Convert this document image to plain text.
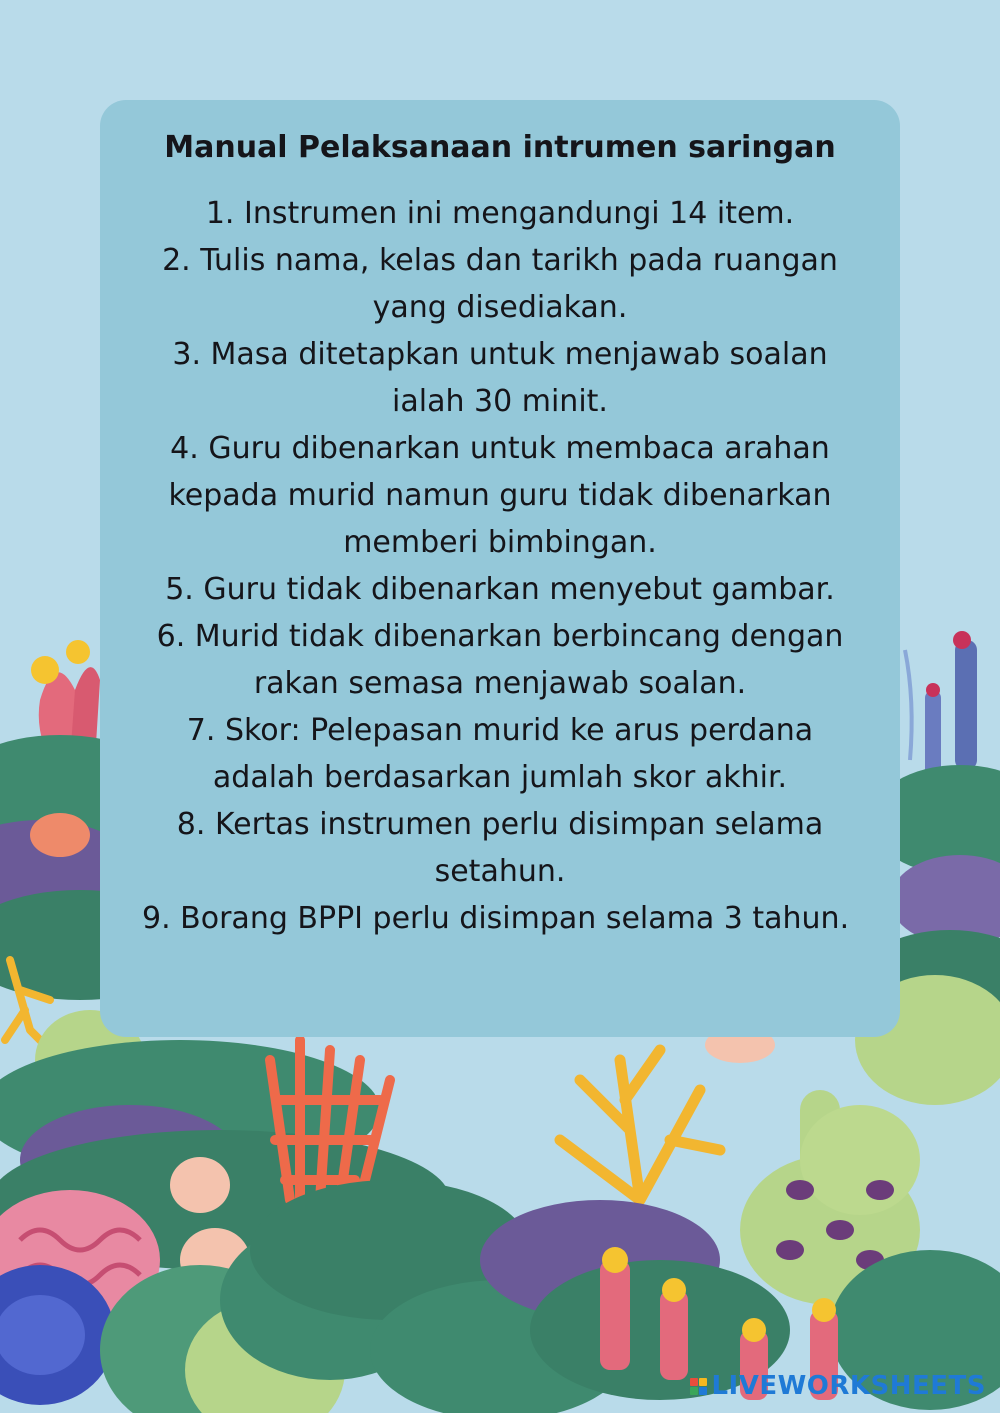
Manual Pelaksanaan intrumen saringan

1. Instrumen ini mengandungi 14 item.

2. Tulis nama, kelas dan tarikh pada ruangan yang disediakan.

3. Masa ditetapkan untuk menjawab soalan ialah 30 minit.

4. Guru dibenarkan untuk membaca arahan kepada murid namun guru tidak dibenarkan memberi bimbingan.

5. Guru tidak dibenarkan menyebut gambar.

6. Murid tidak dibenarkan berbincang dengan rakan semasa menjawab soalan.

7. Skor: Pelepasan murid ke arus perdana adalah berdasarkan jumlah skor akhir.

8. Kertas instrumen perlu disimpan selama setahun.

9. Borang BPPI perlu disimpan selama 3 tahun.

LIVEWORKSHEETS
